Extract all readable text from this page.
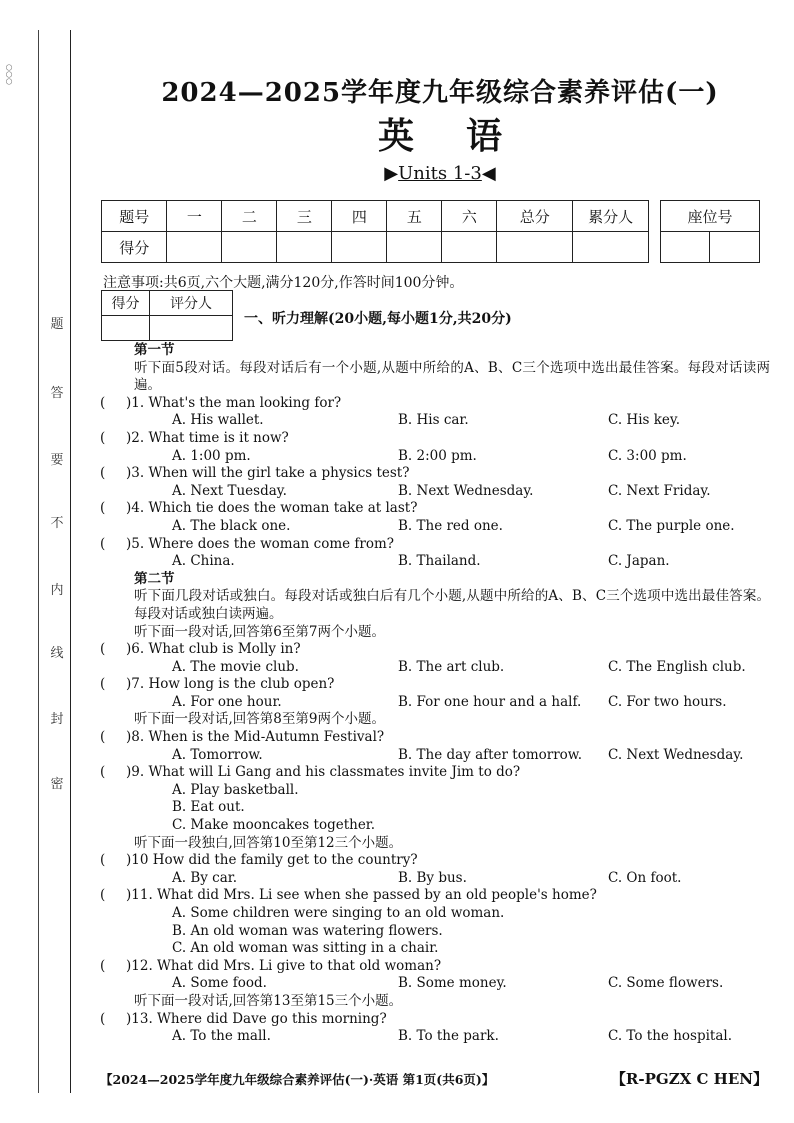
○○○
题
答
要
不
内
线
封
密
2024—2025学年度九年级综合素养评估(一)
英语
▶Units 1-3◀
题号	一	二	三	四	五	六	总分	累分人
得分								
座位号

注意事项:共6页,六个大题,满分120分,作答时间100分钟。
得分	评分人

一、听力理解(20小题,每小题1分,共20分)
第一节
听下面5段对话。每段对话后有一个小题,从题中所给的A、B、C三个选项中选出最佳答案。每段对话读两遍。
( )1. What's the man looking for?
A. His wallet.	B. His car.	C. His key.
( )2. What time is it now?
A. 1:00 pm.	B. 2:00 pm.	C. 3:00 pm.
( )3. When will the girl take a physics test?
A. Next Tuesday.	B. Next Wednesday.	C. Next Friday.
( )4. Which tie does the woman take at last?
A. The black one.	B. The red one.	C. The purple one.
( )5. Where does the woman come from?
A. China.	B. Thailand.	C. Japan.
第二节
听下面几段对话或独白。每段对话或独白后有几个小题,从题中所给的A、B、C三个选项中选出最佳答案。每段对话或独白读两遍。
听下面一段对话,回答第6至第7两个小题。
( )6. What club is Molly in?
A. The movie club.	B. The art club.	C. The English club.
( )7. How long is the club open?
A. For one hour.	B. For one hour and a half. C. For two hours.
听下面一段对话,回答第8至第9两个小题。
( )8. When is the Mid-Autumn Festival?
A. Tomorrow.	B. The day after tomorrow. C. Next Wednesday.
( )9. What will Li Gang and his classmates invite Jim to do?
A. Play basketball.
B. Eat out.
C. Make mooncakes together.
听下面一段独白,回答第10至第12三个小题。
( )10 How did the family get to the country?
A. By car.	B. By bus.	C. On foot.
( )11. What did Mrs. Li see when she passed by an old people's home?
A. Some children were singing to an old woman.
B. An old woman was watering flowers.
C. An old woman was sitting in a chair.
( )12. What did Mrs. Li give to that old woman?
A. Some food.	B. Some money.	C. Some flowers.
听下面一段对话,回答第13至第15三个小题。
( )13. Where did Dave go this morning?
A. To the mall.	B. To the park.	C. To the hospital.
【2024—2025学年度九年级综合素养评估(一)·英语 第1页(共6页)】	【R-PGZX C HEN】
